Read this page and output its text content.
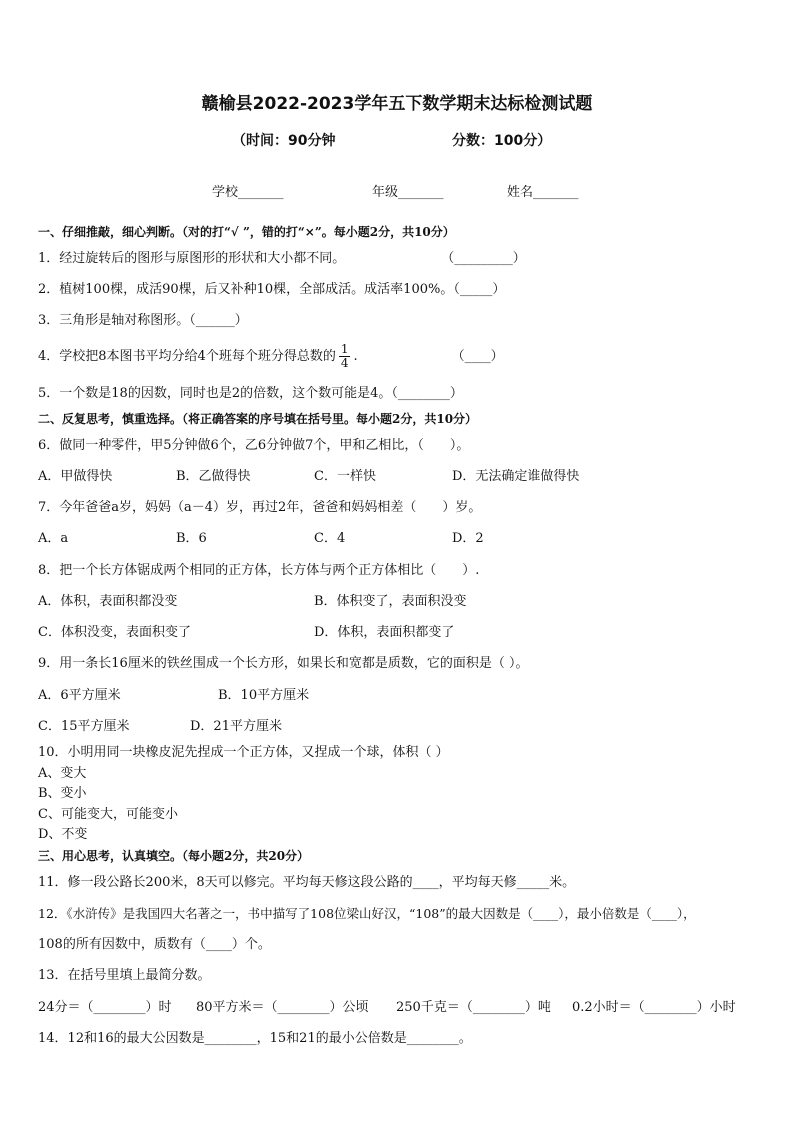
赣榆县2022-2023学年五下数学期末达标检测试题
（时间：90分钟	分数：100分）
学校_______	年级_______	姓名_______
一、仔细推敲，细心判断。（对的打“√ ”，错的打“×”。每小题2分，共10分）
1．经过旋转后的图形与原图形的形状和大小都不同。	（_________）
2．植树100棵，成活90棵，后又补种10棵，全部成活。成活率100%。（_____）
3．三角形是轴对称图形。（______）
4．学校把8本图书平均分给4个班每个班分得总数的 $\frac{1}{4}$ .	（____）
5．一个数是18的因数，同时也是2的倍数，这个数可能是4。（________）
二、反复思考，慎重选择。（将正确答案的序号填在括号里。每小题2分，共10分）
6．做同一种零件，甲5分钟做6个，乙6分钟做7个，甲和乙相比，（　　）。
A．甲做得快	B．乙做得快	C．一样快	D．无法确定谁做得快
7．今年爸爸a岁，妈妈（a－4）岁，再过2年，爸爸和妈妈相差（　　）岁。
A．a	B．6	C．4	D．2
8．把一个长方体锯成两个相同的正方体，长方体与两个正方体相比（　　）.
A．体积，表面积都没变	B．体积变了，表面积没变
C．体积没变，表面积变了	D．体积，表面积都变了
9．用一条长16厘米的铁丝围成一个长方形，如果长和宽都是质数，它的面积是（ ）。
A．6平方厘米	B．10平方厘米
C．15平方厘米	D．21平方厘米
10．小明用同一块橡皮泥先捏成一个正方体，又捏成一个球，体积（ ）
A、变大
B、变小
C、可能变大，可能变小
D、不变
三、用心思考，认真填空。（每小题2分，共20分）
11．修一段公路长200米，8天可以修完。平均每天修这段公路的____，平均每天修_____米。
12．《水浒传》是我国四大名著之一，书中描写了108位梁山好汉，“108”的最大因数是（____），最小倍数是（____），
108的所有因数中，质数有（____）个。
13．在括号里填上最简分数。
24分＝（________）时 80平方米＝（________）公顷 250千克＝（________）吨 0.2小时＝（________）小时
14．12和16的最大公因数是________，15和21的最小公倍数是________。
